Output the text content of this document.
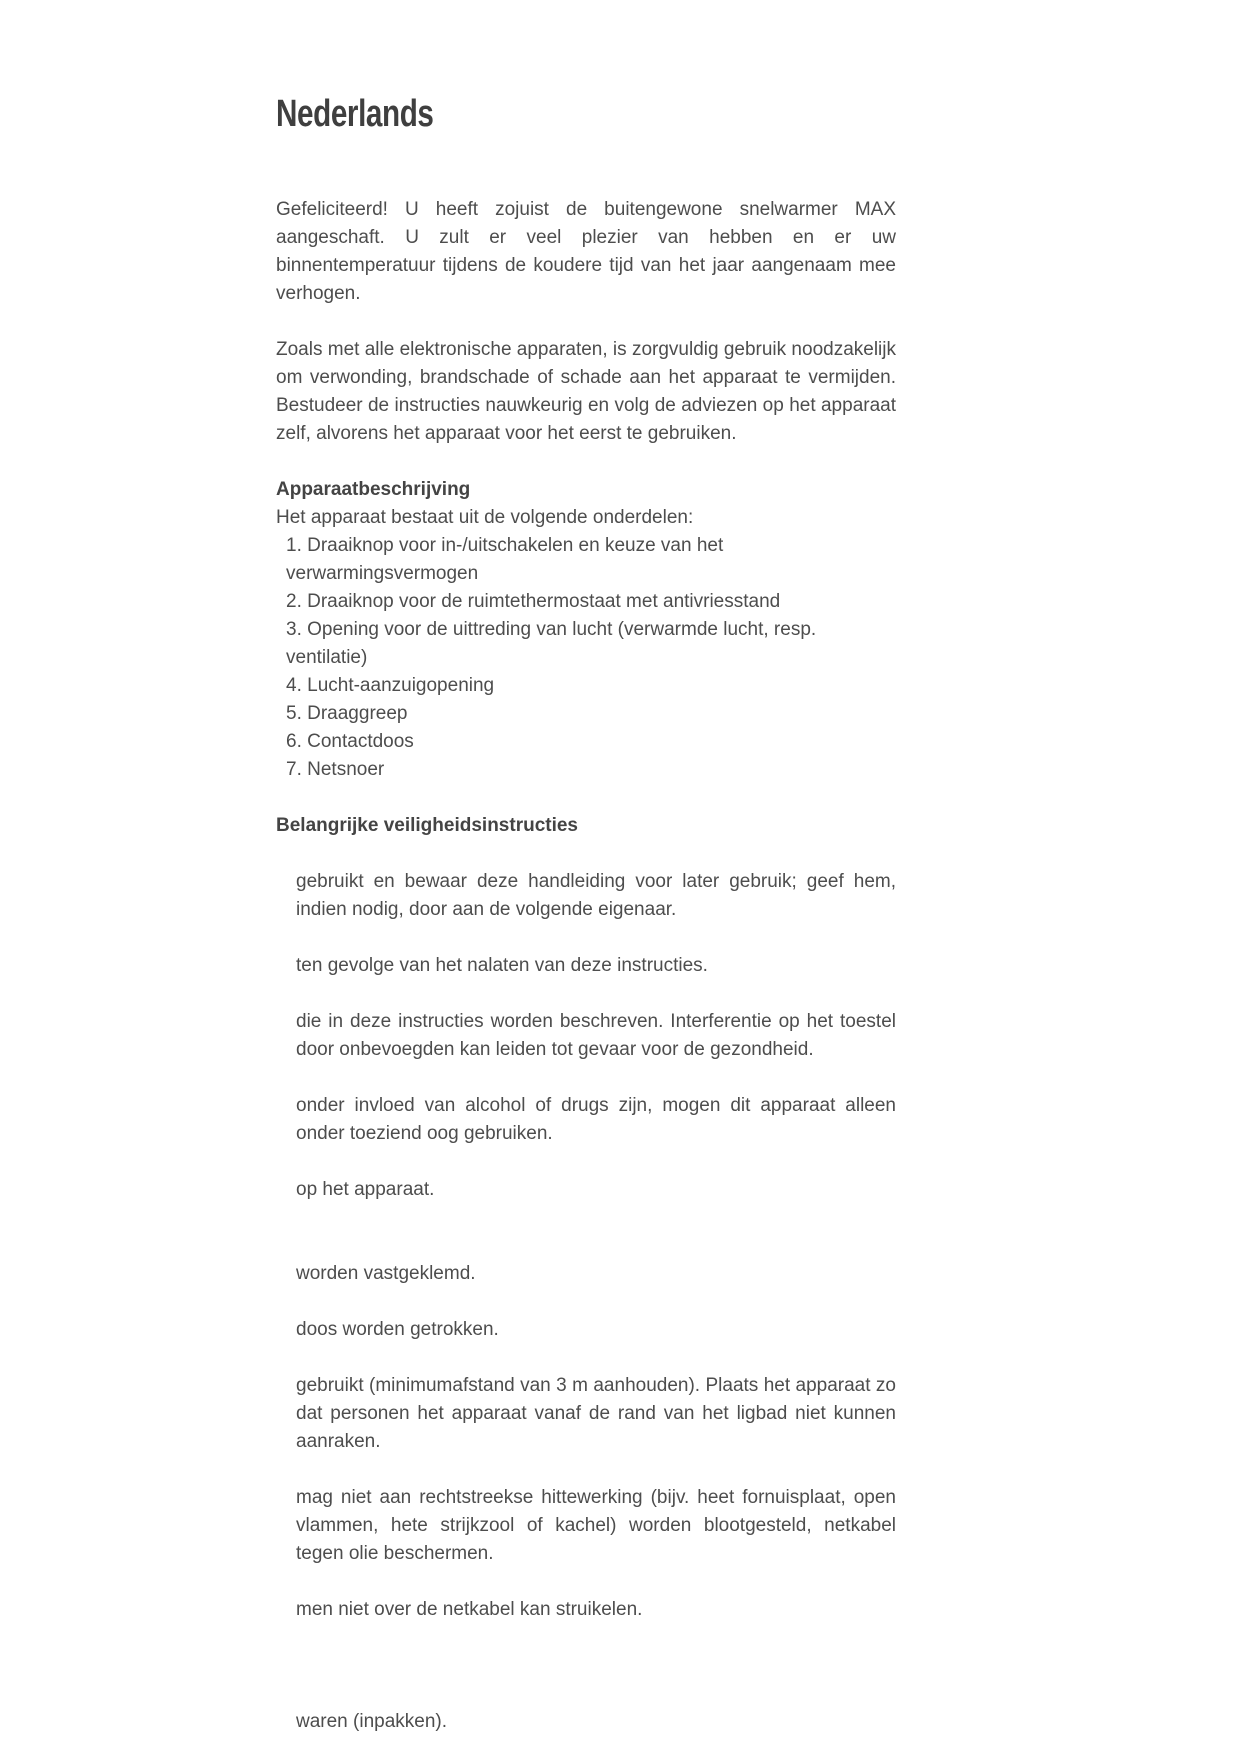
Nederlands

Gefeliciteerd! U heeft zojuist de buitengewone snelwarmer MAX aangeschaft. U zult er veel plezier van hebben en er uw binnentemperatuur tijdens de koudere tijd van het jaar aangenaam mee verhogen.

Zoals met alle elektronische apparaten, is zorgvuldig gebruik noodzakelijk om verwonding, brandschade of schade aan het apparaat te vermijden. Bestudeer de instructies nauwkeurig en volg de adviezen op het apparaat zelf, alvorens het apparaat voor het eerst te gebruiken.

Apparaatbeschrijving

Het apparaat bestaat uit de volgende onderdelen:

1. Draaiknop voor in-/uitschakelen en keuze van het verwarmingsvermogen
2. Draaiknop voor de ruimtethermostaat met antivriesstand
3. Opening voor de uittreding van lucht (verwarmde lucht, resp. ventilatie)
4. Lucht-aanzuigopening
5. Draaggreep
6. Contactdoos
7. Netsnoer
Belangrijke veiligheidsinstructies

gebruikt en bewaar deze handleiding voor later gebruik; geef hem, indien nodig, door aan de volgende eigenaar.

ten gevolge van het nalaten van deze instructies.

die in deze instructies worden beschreven. Interferentie op het toestel door onbevoegden kan leiden tot gevaar voor de gezondheid.

onder invloed van alcohol of drugs zijn, mogen dit apparaat alleen onder toeziend oog gebruiken.

op het apparaat.

worden vastgeklemd.

doos worden getrokken.

gebruikt (minimumafstand van 3 m aanhouden). Plaats het apparaat zo dat personen het apparaat vanaf de rand van het ligbad niet kunnen aanraken.

mag niet aan rechtstreekse hittewerking (bijv. heet fornuisplaat, open vlammen, hete strijkzool of kachel) worden blootgesteld, netkabel tegen olie beschermen.

men niet over de netkabel kan struikelen.

waren (inpakken).
